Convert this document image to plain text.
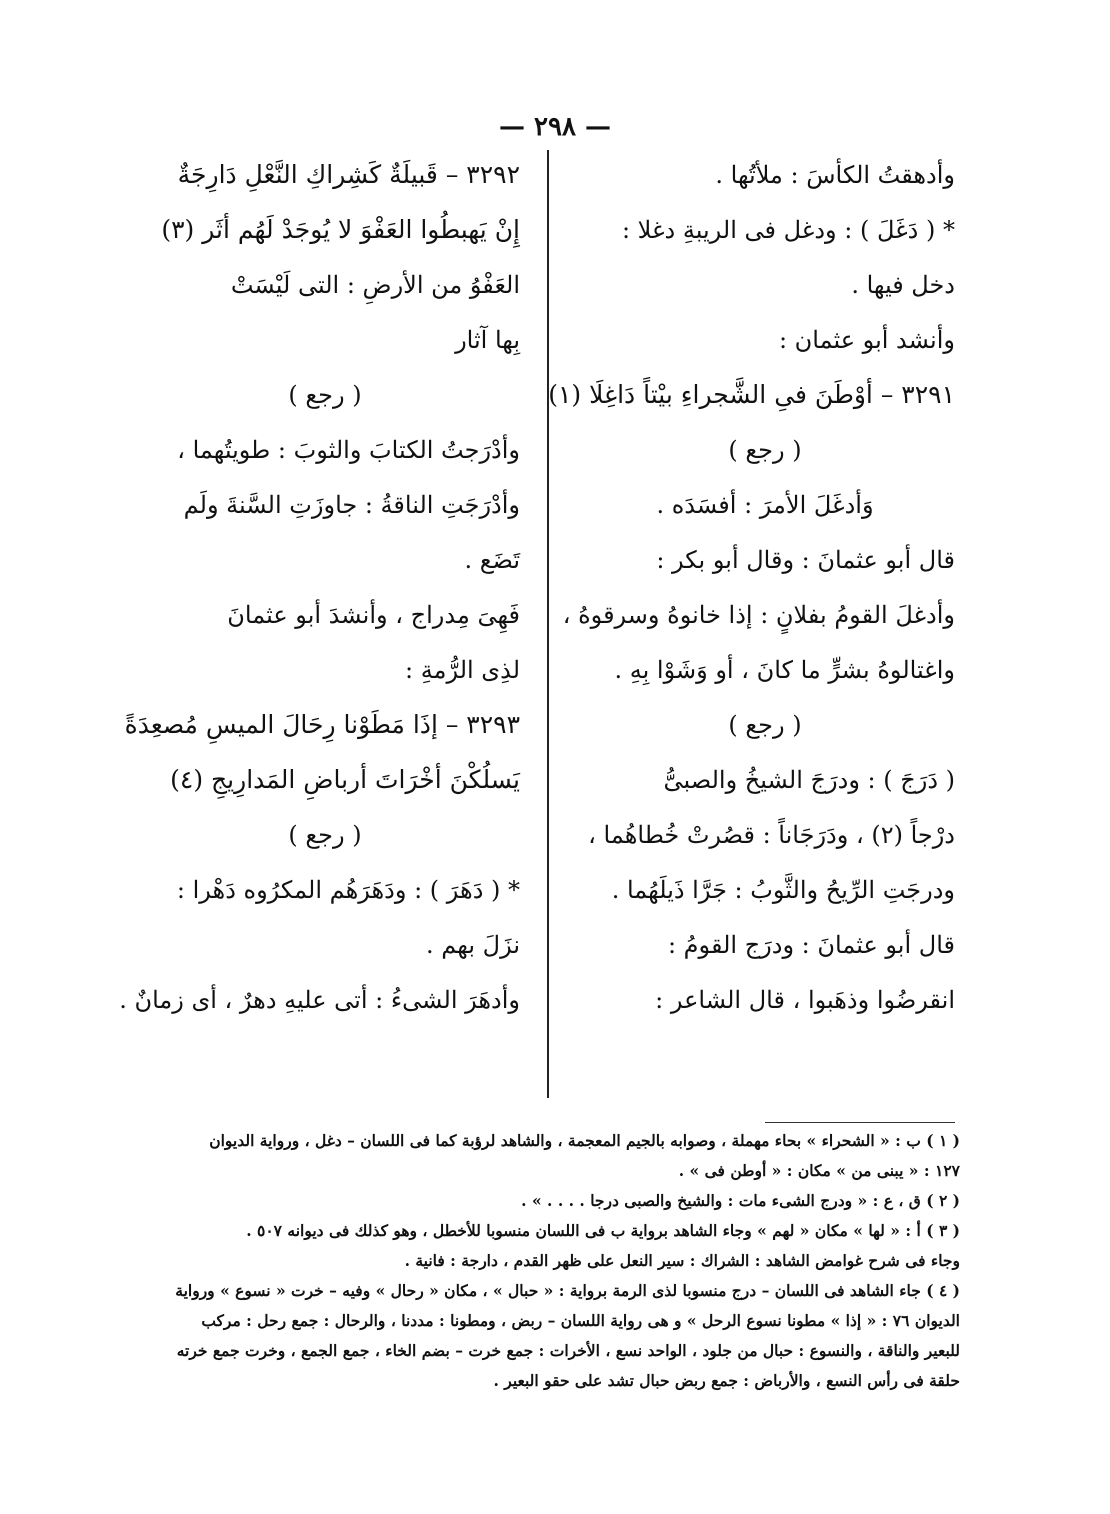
— ٢٩٨ —
وأدهقتُ الكأسَ : ملأتُها .
* ( دَغَلَ ) : ودغل فى الريبةِ دغلا :
دخل فيها .
وأنشد أبو عثمان :
٣٢٩١ – أوْطَنَ فىِ الشَّجراءِ بيْتاً دَاغِلَا (١)
( رجع )
وَأدغَلَ الأمرَ : أفسَدَه .
قال أبو عثمانَ : وقال أبو بكر :
وأدغلَ القومُ بفلانٍ : إذا خانوهُ وسرقوهُ ،
واغتالوهُ بشرٍّ ما كانَ ، أو وَشَوْا بِهِ .
( رجع )
( دَرَجَ ) : ودرَجَ الشيخُ والصبىُّ
درْجاً (٢) ، ودَرَجَاناً : قصُرتْ خُطاهُما ،
ودرجَتِ الرِّيحُ والثَّوبُ : جَرَّا ذَيلَهُما .
قال أبو عثمانَ : ودرَج القومُ :
انقرضُوا وذهَبوا ، قال الشاعر :
٣٢٩٢ – قَبيلَةٌ كَشِراكِ النَّعْلِ دَارِجَةٌ
إِنْ يَهبطُوا العَفْوَ لا يُوجَدْ لَهُم أثَر (٣)
العَفْوُ من الأرضِ : التى لَيْسَتْ
بِها آثار
( رجع )
وأدْرَجتُ الكتابَ والثوبَ : طويتُهما ،
وأدْرَجَتِ الناقةُ : جاوزَتِ السَّنةَ ولَم
تَضَع .
فَهِىَ مِدراج ، وأنشدَ أبو عثمانَ
لذِى الرُّمةِ :
٣٢٩٣ – إذَا مَطَوْنا رِحَالَ الميسِ مُصعِدَةً
يَسلُكْنَ أخْرَاتَ أرباضِ المَدارِيجِ (٤)
( رجع )
* ( دَهَرَ ) : ودَهَرَهُم المكرُوه دَهْرا :
نزَلَ بهم .
وأدهَرَ الشىءُ : أتى عليهِ دهرٌ ، أى زمانٌ .
( ١ ) ب : « الشحراء » بحاء مهملة ، وصوابه بالجيم المعجمة ، والشاهد لرؤبة كما فى اللسان – دغل ، ورواية الديوان
١٢٧ : « يبنى من » مكان : « أوطن فى » .
( ٢ ) ق ، ع : « ودرج الشىء مات : والشيخ والصبى درجا . . . . » .
( ٣ ) أ : « لها » مكان « لهم » وجاء الشاهد برواية ب فى اللسان منسوبا للأخطل ، وهو كذلك فى ديوانه ٥٠٧ .
وجاء فى شرح غوامض الشاهد : الشراك : سير النعل على ظهر القدم ، دارجة : فانية .
( ٤ ) جاء الشاهد فى اللسان – درج منسوبا لذى الرمة برواية : « حبال » ، مكان « رحال » وفيه – خرت « نسوع » ورواية
الديوان ٧٦ : « إذا » مطونا نسوع الرحل » و هى رواية اللسان – ربض ، ومطونا : مددنا ، والرحال : جمع رحل : مركب
للبعير والناقة ، والنسوع : حبال من جلود ، الواحد نسع ، الأخرات : جمع خرت – بضم الخاء ، جمع الجمع ، وخرت جمع خرته
حلقة فى رأس النسع ، والأرباض : جمع ربض حبال تشد على حقو البعير .
